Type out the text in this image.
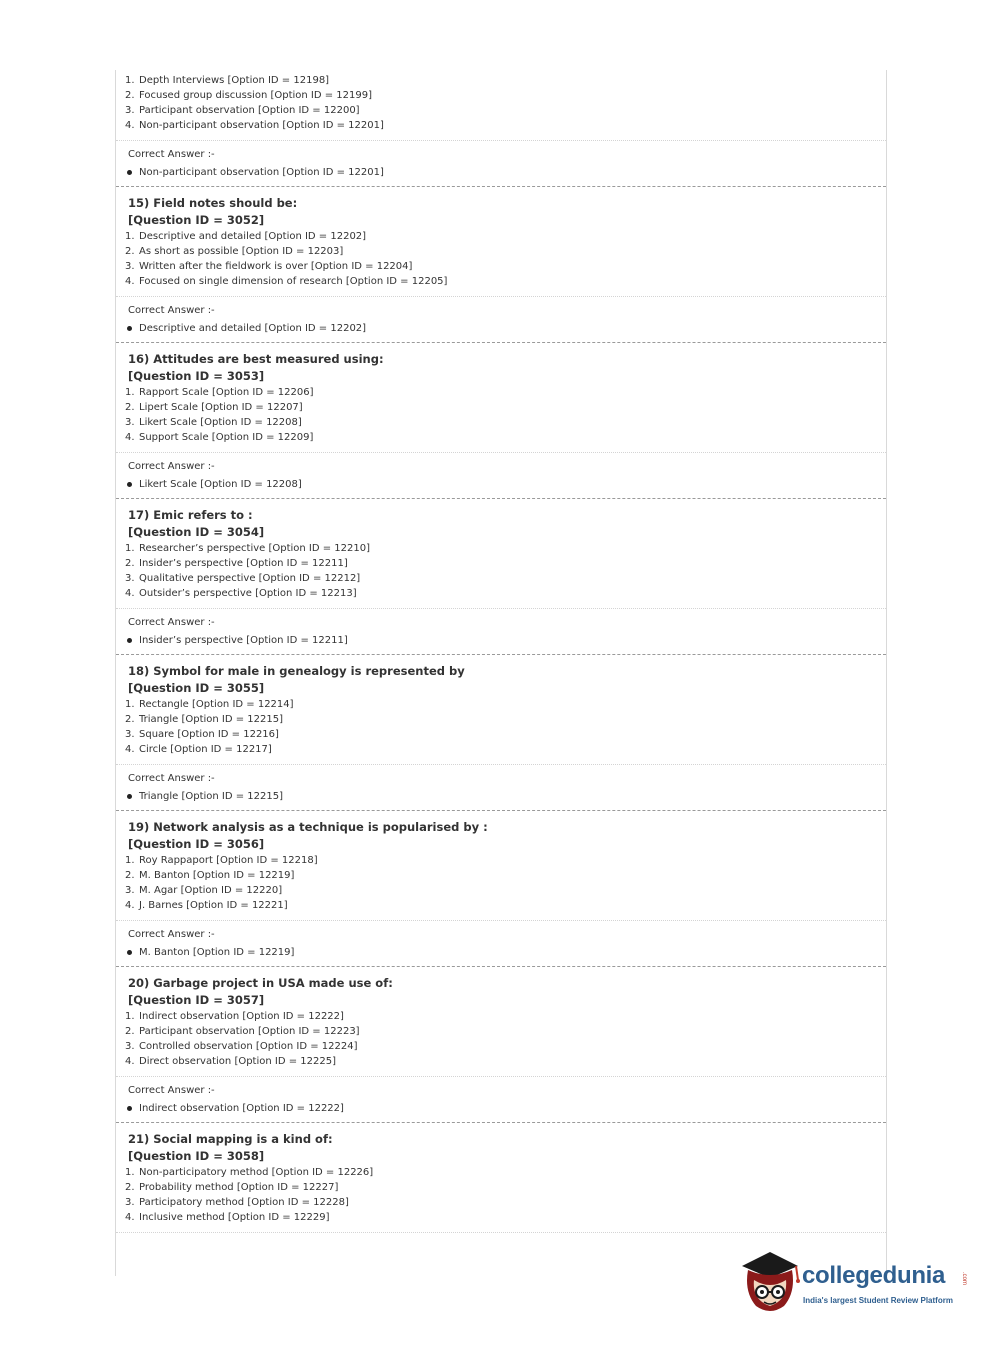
1. Depth Interviews [Option ID = 12198]
2. Focused group discussion [Option ID = 12199]
3. Participant observation [Option ID = 12200]
4. Non-participant observation [Option ID = 12201]
Correct Answer :-
Non-participant observation [Option ID = 12201]
15) Field notes should be:
[Question ID = 3052]
1. Descriptive and detailed [Option ID = 12202]
2. As short as possible [Option ID = 12203]
3. Written after the fieldwork is over [Option ID = 12204]
4. Focused on single dimension of research [Option ID = 12205]
Correct Answer :-
Descriptive and detailed [Option ID = 12202]
16) Attitudes are best measured using:
[Question ID = 3053]
1. Rapport Scale [Option ID = 12206]
2. Lipert Scale [Option ID = 12207]
3. Likert Scale [Option ID = 12208]
4. Support Scale [Option ID = 12209]
Correct Answer :-
Likert Scale [Option ID = 12208]
17) Emic refers to :
[Question ID = 3054]
1. Researcher’s perspective [Option ID = 12210]
2. Insider’s perspective [Option ID = 12211]
3. Qualitative perspective [Option ID = 12212]
4. Outsider’s perspective [Option ID = 12213]
Correct Answer :-
Insider’s perspective [Option ID = 12211]
18) Symbol for male in genealogy is represented by
[Question ID = 3055]
1. Rectangle [Option ID = 12214]
2. Triangle [Option ID = 12215]
3. Square [Option ID = 12216]
4. Circle [Option ID = 12217]
Correct Answer :-
Triangle [Option ID = 12215]
19) Network analysis as a technique is popularised by :
[Question ID = 3056]
1. Roy Rappaport [Option ID = 12218]
2. M. Banton [Option ID = 12219]
3. M. Agar [Option ID = 12220]
4. J. Barnes [Option ID = 12221]
Correct Answer :-
M. Banton [Option ID = 12219]
20) Garbage project in USA made use of:
[Question ID = 3057]
1. Indirect observation [Option ID = 12222]
2. Participant observation [Option ID = 12223]
3. Controlled observation [Option ID = 12224]
4. Direct observation [Option ID = 12225]
Correct Answer :-
Indirect observation [Option ID = 12222]
21) Social mapping is a kind of:
[Question ID = 3058]
1. Non-participatory method [Option ID = 12226]
2. Probability method [Option ID = 12227]
3. Participatory method [Option ID = 12228]
4. Inclusive method [Option ID = 12229]
collegedunia	.com
India's largest Student Review Platform
